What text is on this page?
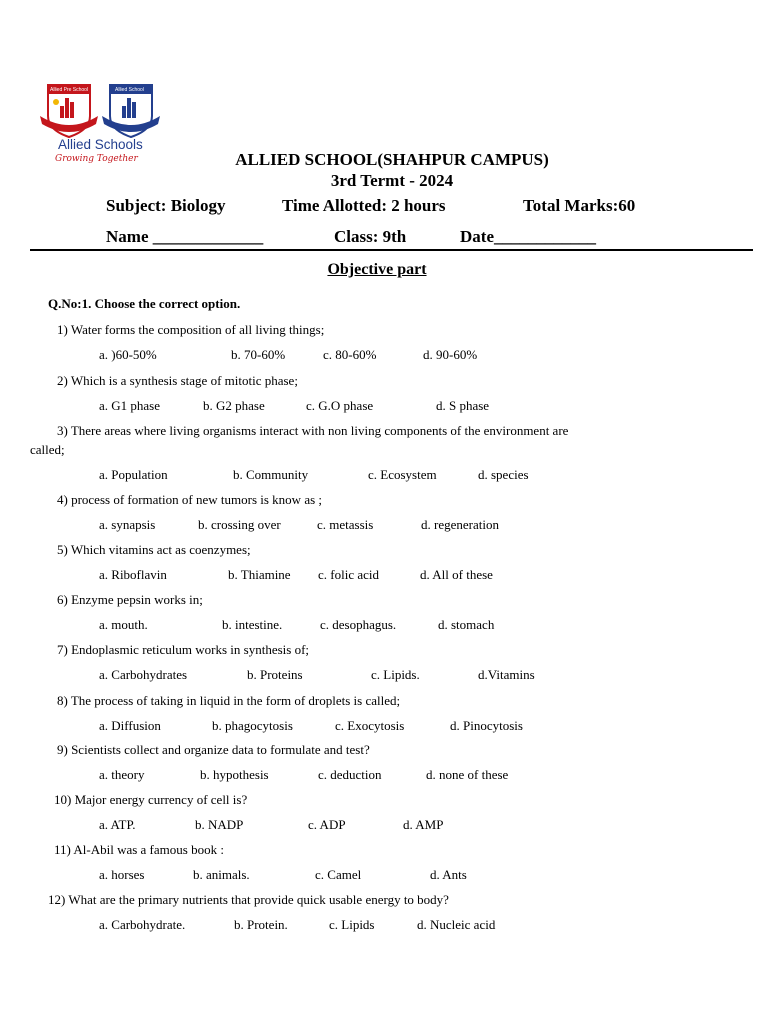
Allied Pre School	Allied School
Allied Schools
Growing Together	ALLIED SCHOOL(SHAHPUR CAMPUS)
3rd Termt - 2024
Subject: Biology	Time Allotted: 2 hours	Total Marks:60
Name _____________	Class: 9th	Date____________
Objective part
Q.No:1. Choose the correct option.
1) Water forms the composition of all living things;
a. )60-50%	b. 70-60%	c. 80-60%	d. 90-60%
2) Which is a synthesis stage of mitotic phase;
a. G1 phase	b. G2 phase	c. G.O phase	d. S phase
3) There areas where living organisms interact with non living components of the environment are
called;
a. Population	b. Community	c. Ecosystem	d. species
4) process of formation of new tumors is know as ;
a. synapsis	b. crossing over	c. metassis	d. regeneration
5) Which vitamins act as coenzymes;
a. Riboflavin	b. Thiamine c. folic acid	d. All of these
6) Enzyme pepsin works in;
a. mouth.	b. intestine.	c. desophagus.	d. stomach
7) Endoplasmic reticulum works in synthesis of;
a. Carbohydrates	b. Proteins	c. Lipids.	d.Vitamins
8) The process of taking in liquid in the form of droplets is called;
a. Diffusion	b. phagocytosis	c. Exocytosis	d. Pinocytosis
9) Scientists collect and organize data to formulate and test?
a. theory	b. hypothesis	c. deduction	d. none of these
10) Major energy currency of cell is?
a. ATP.	b. NADP	c. ADP	d. AMP
11) Al-Abil was a famous book :
a. horses	b. animals.	c. Camel	d. Ants
12) What are the primary nutrients that provide quick usable energy to body?
a. Carbohydrate.	b. Protein.	c. Lipids	d. Nucleic acid
